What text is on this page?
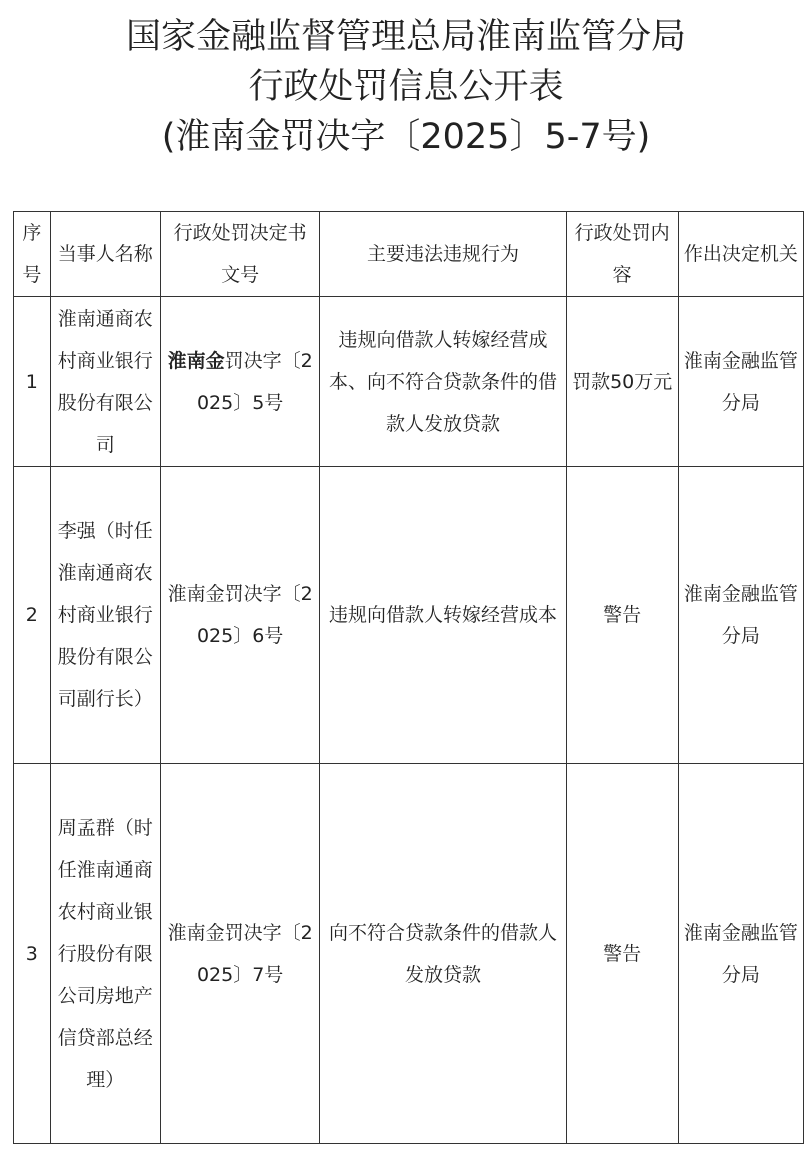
国家金融监督管理总局淮南监管分局
行政处罚信息公开表
(淮南金罚决字〔2025〕5-7号)
序号	当事人名称	行政处罚决定书文号	主要违法违规行为	行政处罚内容	作出决定机关
1	淮南通商农村商业银行股份有限公司	淮南金罚决字〔2025〕5号	违规向借款人转嫁经营成本、向不符合贷款条件的借款人发放贷款	罚款50万元	淮南金融监管分局
2	李强（时任淮南通商农村商业银行股份有限公司副行长）	淮南金罚决字〔2025〕6号	违规向借款人转嫁经营成本	警告	淮南金融监管分局
3	周孟群（时任淮南通商农村商业银行股份有限公司房地产信贷部总经理）	淮南金罚决字〔2025〕7号	向不符合贷款条件的借款人发放贷款	警告	淮南金融监管分局
